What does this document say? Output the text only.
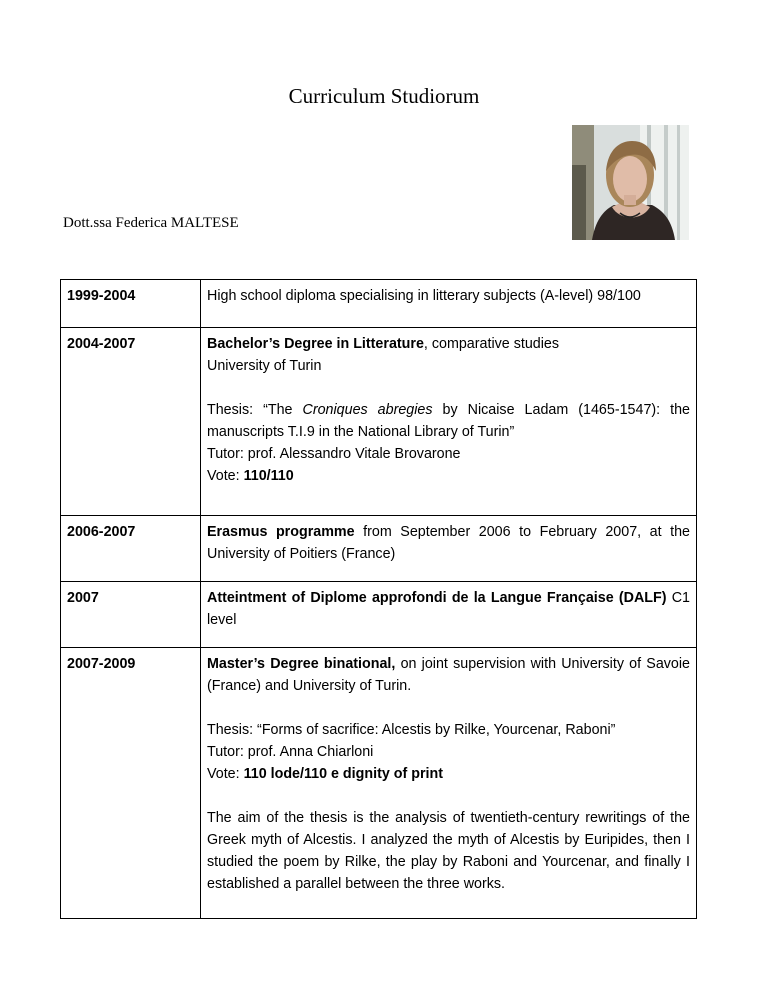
Curriculum Studiorum
Dott.ssa Federica MALTESE
1999-2004	High school diploma specialising in litterary subjects (A-level) 98/100

2004-2007	Bachelor’s Degree in Litterature, comparative studies

University of Turin

Thesis: “The Croniques abregies by Nicaise Ladam (1465-1547): the manuscripts T.I.9 in the National Library of Turin”

Tutor: prof. Alessandro Vitale Brovarone

Vote: 110/110

2006-2007	Erasmus programme from September 2006 to February 2007, at the University of Poitiers (France)

2007	Atteintment of Diplome approfondi de la Langue Française (DALF) C1 level

2007-2009	Master’s Degree binational, on joint supervision with University of Savoie (France) and University of Turin.

Thesis: “Forms of sacrifice: Alcestis by Rilke, Yourcenar, Raboni”

Tutor: prof. Anna Chiarloni

Vote: 110 lode/110 e dignity of print

The aim of the thesis is the analysis of twentieth-century rewritings of the Greek myth of Alcestis. I analyzed the myth of Alcestis by Euripides, then I studied the poem by Rilke, the play by Raboni and Yourcenar, and finally I established a parallel between the three works.
